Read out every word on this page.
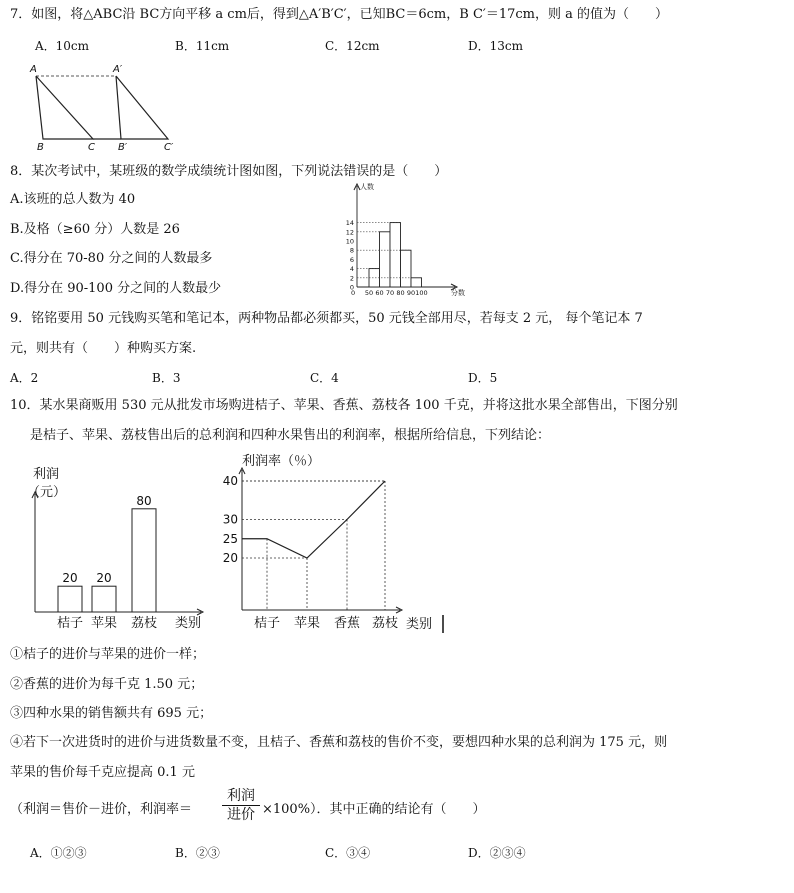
7．如图，将△ABC沿 BC方向平移 a cm后，得到△A′B′C′，已知BC＝6cm，B C′＝17cm，则 a 的值为（　　）
A．10cm	B．11cm	C．12cm	D．13cm
A	A′
B	C B′	C′
8．某次考试中，某班级的数学成绩统计图如图，下列说法错误的是（　　）
A.该班的总人数为 40
B.及格（≥60 分）人数是 26
C.得分在 70-80 分之间的人数最多
D.得分在 90-100 分之间的人数最少
人数
分数
0
2
4
6
8
10
12
14
50 60 70 80 90 100
0
9．铭铭要用 50 元钱购买笔和笔记本，两种物品都必须都买，50 元钱全部用尽，若每支 2 元， 每个笔记本 7
元，则共有（　　）种购买方案.
A．2	B．3	C．4	D．5
10．某水果商贩用 530 元从批发市场购进桔子、苹果、香蕉、荔枝各 100 千克，并将这批水果全部售出，下图分别
是桔子、苹果、荔枝售出后的总利润和四种水果售出的利润率，根据所给信息，下列结论：
利润
（元）
类别
20
桔子
20
苹果
80
荔枝
利润率（％）
类别
20
25
30
40
桔子 苹果 香蕉 荔枝
①桔子的进价与苹果的进价一样；
②香蕉的进价为每千克 1.50 元；
③四种水果的销售额共有 695 元；
④若下一次进货时的进价与进货数量不变，且桔子、香蕉和荔枝的售价不变，要想四种水果的总利润为 175 元，则
苹果的售价每千克应提高 0.1 元
（利润＝售价－进价，利润率＝
利润
进价 ×100%）．其中正确的结论有（　　）
A．①②③	B．②③	C．③④	D．②③④
